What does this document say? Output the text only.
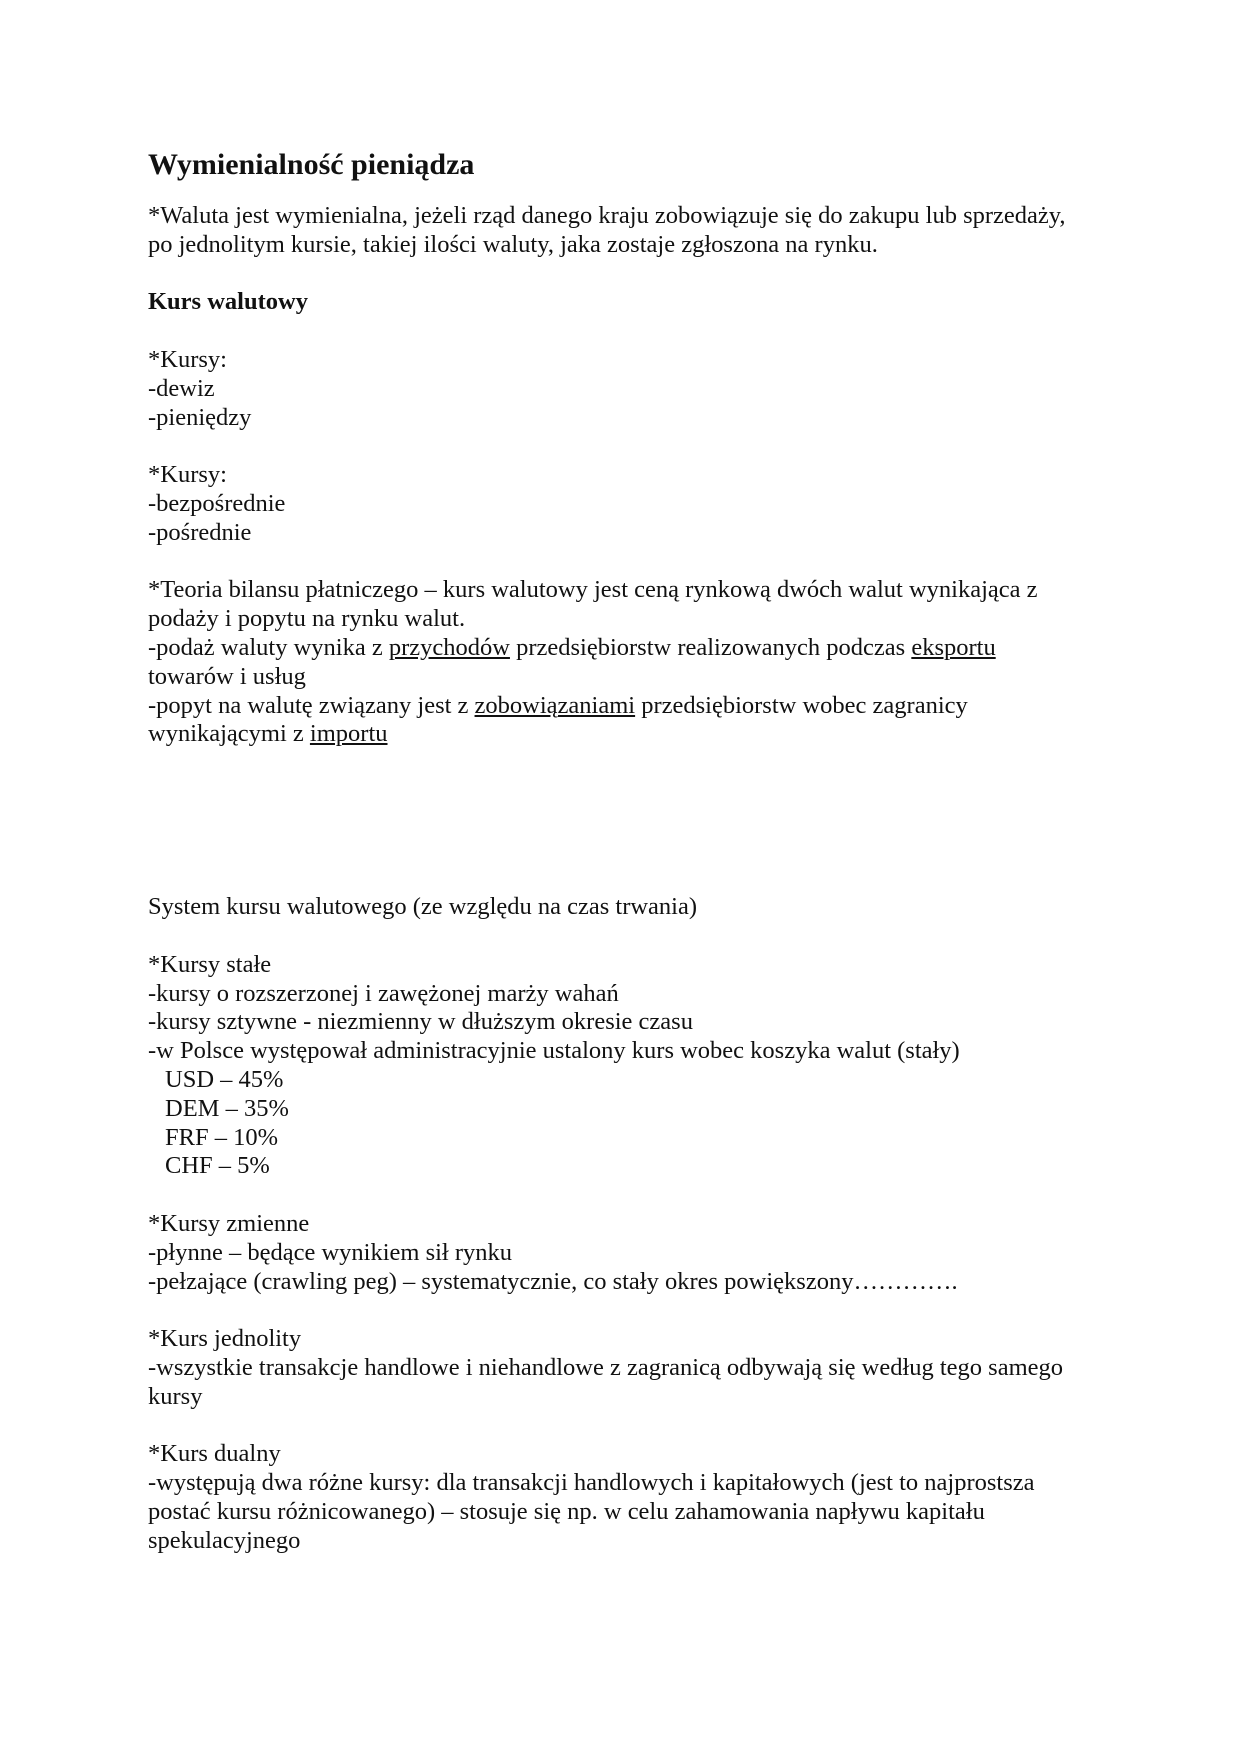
Wymienialność pieniądza
*Waluta jest wymienialna, jeżeli rząd danego kraju zobowiązuje się do zakupu lub sprzedaży,
po jednolitym kursie, takiej ilości waluty, jaka zostaje zgłoszona na rynku.
Kurs walutowy
*Kursy:
-dewiz
-pieniędzy
*Kursy:
-bezpośrednie
-pośrednie
*Teoria bilansu płatniczego – kurs walutowy jest ceną rynkową dwóch walut wynikająca z
podaży i popytu na rynku walut.
-podaż waluty wynika z przychodów przedsiębiorstw realizowanych podczas eksportu
towarów i usług
-popyt na walutę związany jest z zobowiązaniami przedsiębiorstw wobec zagranicy
wynikającymi z importu
System kursu walutowego (ze względu na czas trwania)
*Kursy stałe
-kursy o rozszerzonej i zawężonej marży wahań
-kursy sztywne - niezmienny w dłuższym okresie czasu
-w Polsce występował administracyjnie ustalony kurs wobec koszyka walut (stały)
USD – 45%
DEM – 35%
FRF – 10%
CHF – 5%
*Kursy zmienne
-płynne – będące wynikiem sił rynku
-pełzające (crawling peg) – systematycznie, co stały okres powiększony………….
*Kurs jednolity
-wszystkie transakcje handlowe i niehandlowe z zagranicą odbywają się według tego samego
kursy
*Kurs dualny
-występują dwa różne kursy: dla transakcji handlowych i kapitałowych (jest to najprostsza
postać kursu różnicowanego) – stosuje się np. w celu zahamowania napływu kapitału
spekulacyjnego
